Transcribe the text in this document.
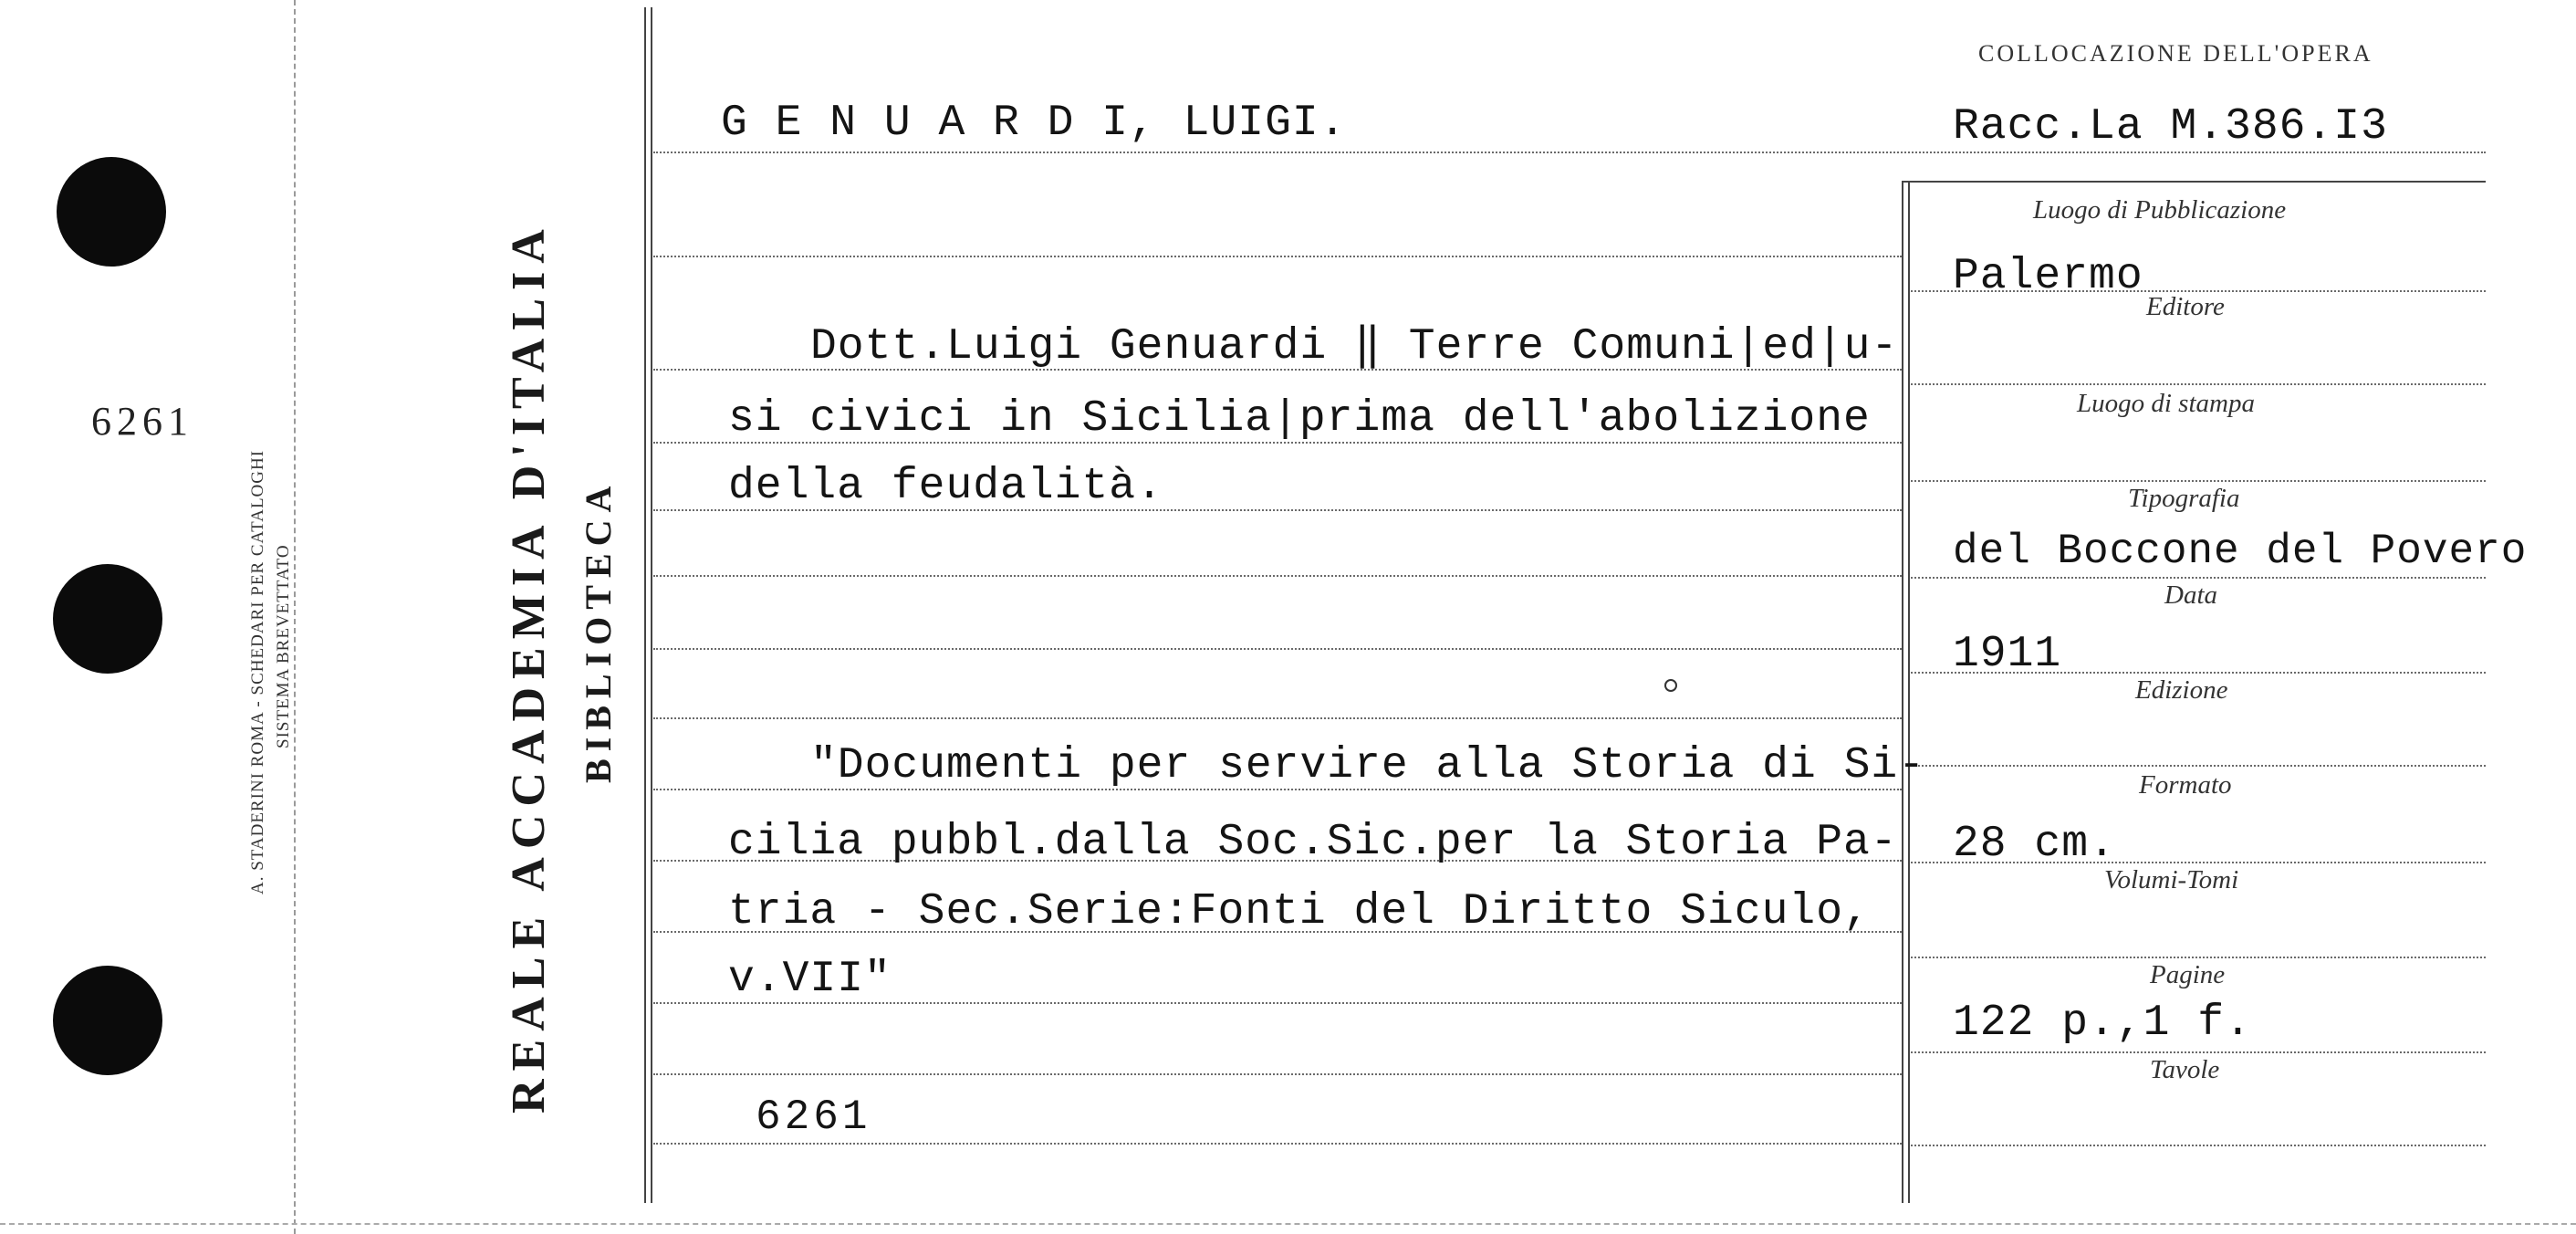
6261
A. STADERINI ROMA - SCHEDARI PER CATALOGHI SISTEMA BREVETTATO	REALE ACCADEMIA D'ITALIA BIBLIOTECA
G E N U A R D I, LUIGI.
Dott.Luigi Genuardi ‖ Terre Comuni|ed|u-
si civici in Sicilia|prima dell'abolizione
della feudalità.
"Documenti per servire alla Storia di Si-
cilia pubbl.dalla Soc.Sic.per la Storia Pa-
tria - Sec.Serie:Fonti del Diritto Siculo,
v.VII"
6261
COLLOCAZIONE DELL'OPERA
Racc.La M.386.I3
Luogo di Pubblicazione
Palermo
Editore
Luogo di stampa
Tipografia
del Boccone del Povero
Data
1911
Edizione
Formato
28 cm.
Volumi-Tomi
Pagine
122 p.,1 f.
Tavole
